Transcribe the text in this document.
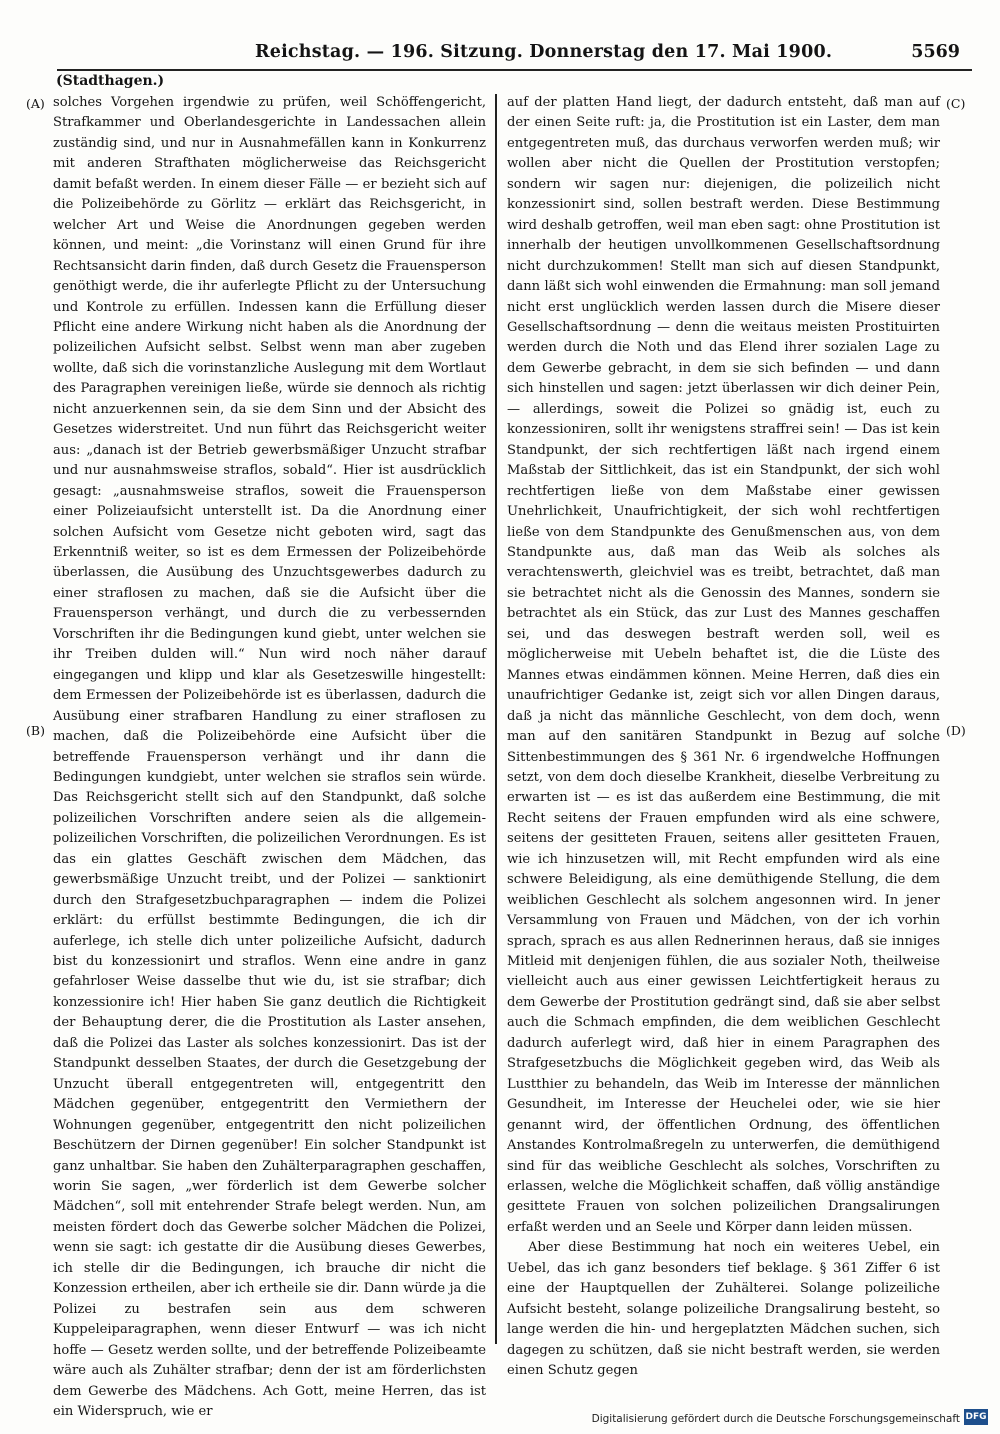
Reichstag. — 196. Sitzung. Donnerstag den 17. Mai 1900.	5569
(Stadthagen.)
(A)
(B)
(C)
(D)

solches Vorgehen irgendwie zu prüfen, weil Schöffengericht, Strafkammer und Oberlandesgerichte in Landessachen allein zuständig sind, und nur in Ausnahmefällen kann in Konkurrenz mit anderen Strafthaten möglicherweise das Reichsgericht damit befaßt werden. In einem dieser Fälle — er bezieht sich auf die Polizeibehörde zu Görlitz — erklärt das Reichsgericht, in welcher Art und Weise die Anordnungen gegeben werden können, und meint: „die Vorinstanz will einen Grund für ihre Rechtsansicht darin finden, daß durch Gesetz die Frauensperson genöthigt werde, die ihr auferlegte Pflicht zu der Untersuchung und Kontrole zu erfüllen. Indessen kann die Erfüllung dieser Pflicht eine andere Wirkung nicht haben als die Anordnung der polizeilichen Aufsicht selbst. Selbst wenn man aber zugeben wollte, daß sich die vorinstanzliche Auslegung mit dem Wortlaut des Paragraphen vereinigen ließe, würde sie dennoch als richtig nicht anzuerkennen sein, da sie dem Sinn und der Absicht des Gesetzes widerstreitet. Und nun führt das Reichsgericht weiter aus: „danach ist der Betrieb gewerbsmäßiger Unzucht strafbar und nur ausnahmsweise straflos, sobald“. Hier ist ausdrücklich gesagt: „ausnahmsweise straflos, soweit die Frauensperson einer Polizeiaufsicht unterstellt ist. Da die Anordnung einer solchen Aufsicht vom Gesetze nicht geboten wird, sagt das Erkenntniß weiter, so ist es dem Ermessen der Polizeibehörde überlassen, die Ausübung des Unzuchtsgewerbes dadurch zu einer straflosen zu machen, daß sie die Aufsicht über die Frauensperson verhängt, und durch die zu verbessernden Vorschriften ihr die Bedingungen kund giebt, unter welchen sie ihr Treiben dulden will.“ Nun wird noch näher darauf eingegangen und klipp und klar als Gesetzeswille hingestellt: dem Ermessen der Polizeibehörde ist es überlassen, dadurch die Ausübung einer strafbaren Handlung zu einer straflosen zu machen, daß die Polizeibehörde eine Aufsicht über die betreffende Frauensperson verhängt und ihr dann die Bedingungen kundgiebt, unter welchen sie straflos sein würde. Das Reichsgericht stellt sich auf den Standpunkt, daß solche polizeilichen Vorschriften andere seien als die allgemein-polizeilichen Vorschriften, die polizeilichen Verordnungen. Es ist das ein glattes Geschäft zwischen dem Mädchen, das gewerbsmäßige Unzucht treibt, und der Polizei — sanktionirt durch den Strafgesetzbuchparagraphen — indem die Polizei erklärt: du erfüllst bestimmte Bedingungen, die ich dir auferlege, ich stelle dich unter polizeiliche Aufsicht, dadurch bist du konzessionirt und straflos. Wenn eine andre in ganz gefahrloser Weise dasselbe thut wie du, ist sie strafbar; dich konzessionire ich! Hier haben Sie ganz deutlich die Richtigkeit der Behauptung derer, die die Prostitution als Laster ansehen, daß die Polizei das Laster als solches konzessionirt. Das ist der Standpunkt desselben Staates, der durch die Gesetzgebung der Unzucht überall entgegentreten will, entgegentritt den Mädchen gegenüber, entgegentritt den Vermiethern der Wohnungen gegenüber, entgegentritt den nicht polizeilichen Beschützern der Dirnen gegenüber! Ein solcher Standpunkt ist ganz unhaltbar. Sie haben den Zuhälterparagraphen geschaffen, worin Sie sagen, „wer förderlich ist dem Gewerbe solcher Mädchen“, soll mit entehrender Strafe belegt werden. Nun, am meisten fördert doch das Gewerbe solcher Mädchen die Polizei, wenn sie sagt: ich gestatte dir die Ausübung dieses Gewerbes, ich stelle dir die Bedingungen, ich brauche dir nicht die Konzession ertheilen, aber ich ertheile sie dir. Dann würde ja die Polizei zu bestrafen sein aus dem schweren Kuppeleiparagraphen, wenn dieser Entwurf — was ich nicht hoffe — Gesetz werden sollte, und der betreffende Polizeibeamte wäre auch als Zuhälter strafbar; denn der ist am förderlichsten dem Gewerbe des Mädchens. Ach Gott, meine Herren, das ist ein Widerspruch, wie er

auf der platten Hand liegt, der dadurch entsteht, daß man auf der einen Seite ruft: ja, die Prostitution ist ein Laster, dem man entgegentreten muß, das durchaus verworfen werden muß; wir wollen aber nicht die Quellen der Prostitution verstopfen; sondern wir sagen nur: diejenigen, die polizeilich nicht konzessionirt sind, sollen bestraft werden. Diese Bestimmung wird deshalb getroffen, weil man eben sagt: ohne Prostitution ist innerhalb der heutigen unvollkommenen Gesellschaftsordnung nicht durchzukommen! Stellt man sich auf diesen Standpunkt, dann läßt sich wohl einwenden die Ermahnung: man soll jemand nicht erst unglücklich werden lassen durch die Misere dieser Gesellschaftsordnung — denn die weitaus meisten Prostituirten werden durch die Noth und das Elend ihrer sozialen Lage zu dem Gewerbe gebracht, in dem sie sich befinden — und dann sich hinstellen und sagen: jetzt überlassen wir dich deiner Pein, — allerdings, soweit die Polizei so gnädig ist, euch zu konzessioniren, sollt ihr wenigstens straffrei sein! — Das ist kein Standpunkt, der sich rechtfertigen läßt nach irgend einem Maßstab der Sittlichkeit, das ist ein Standpunkt, der sich wohl rechtfertigen ließe von dem Maßstabe einer gewissen Unehrlichkeit, Unaufrichtigkeit, der sich wohl rechtfertigen ließe von dem Standpunkte des Genußmenschen aus, von dem Standpunkte aus, daß man das Weib als solches als verachtenswerth, gleichviel was es treibt, betrachtet, daß man sie betrachtet nicht als die Genossin des Mannes, sondern sie betrachtet als ein Stück, das zur Lust des Mannes geschaffen sei, und das deswegen bestraft werden soll, weil es möglicherweise mit Uebeln behaftet ist, die die Lüste des Mannes etwas eindämmen können. Meine Herren, daß dies ein unaufrichtiger Gedanke ist, zeigt sich vor allen Dingen daraus, daß ja nicht das männliche Geschlecht, von dem doch, wenn man auf den sanitären Standpunkt in Bezug auf solche Sittenbestimmungen des § 361 Nr. 6 irgendwelche Hoffnungen setzt, von dem doch dieselbe Krankheit, dieselbe Verbreitung zu erwarten ist — es ist das außerdem eine Bestimmung, die mit Recht seitens der Frauen empfunden wird als eine schwere, seitens der gesitteten Frauen, seitens aller gesitteten Frauen, wie ich hinzusetzen will, mit Recht empfunden wird als eine schwere Beleidigung, als eine demüthigende Stellung, die dem weiblichen Geschlecht als solchem angesonnen wird. In jener Versammlung von Frauen und Mädchen, von der ich vorhin sprach, sprach es aus allen Rednerinnen heraus, daß sie inniges Mitleid mit denjenigen fühlen, die aus sozialer Noth, theilweise vielleicht auch aus einer gewissen Leichtfertigkeit heraus zu dem Gewerbe der Prostitution gedrängt sind, daß sie aber selbst auch die Schmach empfinden, die dem weiblichen Geschlecht dadurch auferlegt wird, daß hier in einem Paragraphen des Strafgesetzbuchs die Möglichkeit gegeben wird, das Weib als Lustthier zu behandeln, das Weib im Interesse der männlichen Gesundheit, im Interesse der Heuchelei oder, wie sie hier genannt wird, der öffentlichen Ordnung, des öffentlichen Anstandes Kontrolmaßregeln zu unterwerfen, die demüthigend sind für das weibliche Geschlecht als solches, Vorschriften zu erlassen, welche die Möglichkeit schaffen, daß völlig anständige gesittete Frauen von solchen polizeilichen Drangsalirungen erfaßt werden und an Seele und Körper dann leiden müssen.

Aber diese Bestimmung hat noch ein weiteres Uebel, ein Uebel, das ich ganz besonders tief beklage. § 361 Ziffer 6 ist eine der Hauptquellen der Zuhälterei. Solange polizeiliche Aufsicht besteht, solange polizeiliche Drangsalirung besteht, so lange werden die hin- und hergeplatzten Mädchen suchen, sich dagegen zu schützen, daß sie nicht bestraft werden, sie werden einen Schutz gegen

Digitalisierung gefördert durch die Deutsche Forschungsgemeinschaft DFG
